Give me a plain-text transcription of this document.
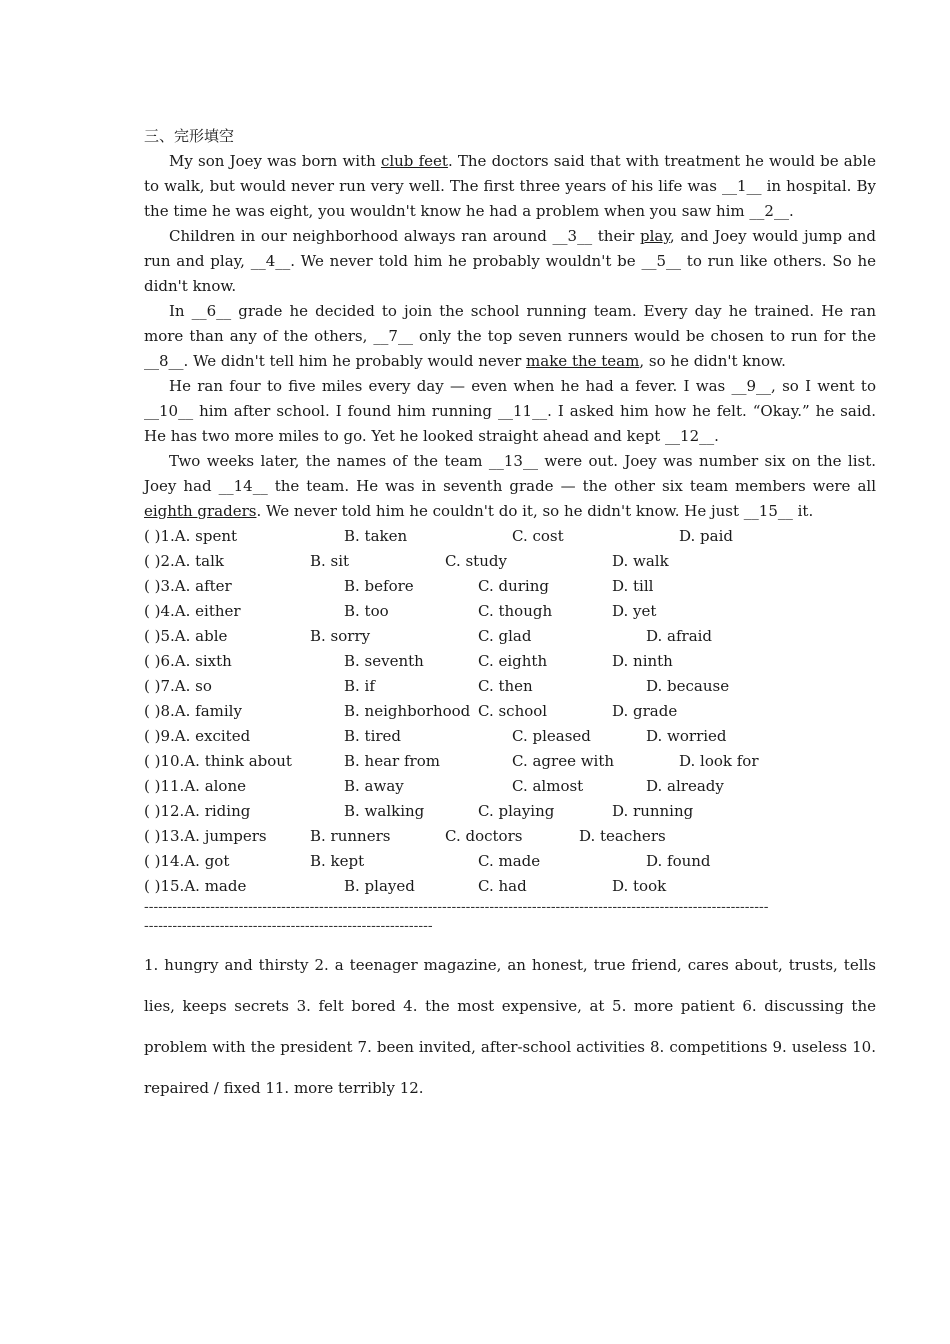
三、完形填空

My son Joey was born with club feet. The doctors said that with treatment he would be able to walk, but would never run very well. The first three years of his life was __1__ in hospital. By the time he was eight, you wouldn't know he had a problem when you saw him __2__.

Children in our neighborhood always ran around __3__ their play, and Joey would jump and run and play, __4__. We never told him he probably wouldn't be __5__ to run like others. So he didn't know.

In __6__ grade he decided to join the school running team. Every day he trained. He ran more than any of the others, __7__ only the top seven runners would be chosen to run for the __8__. We didn't tell him he probably would never make the team, so he didn't know.

He ran four to five miles every day — even when he had a fever. I was __9__, so I went to __10__ him after school. I found him running __11__. I asked him how he felt. “Okay.” he said. He has two more miles to go. Yet he looked straight ahead and kept __12__.

Two weeks later, the names of the team __13__ were out. Joey was number six on the list. Joey had __14__ the team. He was in seventh grade — the other six team members were all eighth graders. We never told him he couldn't do it, so he didn't know. He just __15__ it.

( )1.A. spent	B. taken	C. cost	D. paid
( )2.A. talk	B. sit	C. study	D. walk
( )3.A. after	B. before	C. during	D. till
( )4.A. either	B. too	C. though	D. yet
( )5.A. able	B. sorry	C. glad	D. afraid
( )6.A. sixth	B. seventh	C. eighth	D. ninth
( )7.A. so	B. if	C. then	D. because
( )8.A. family	B. neighborhood C. school	D. grade
( )9.A. excited	B. tired	C. pleased	D. worried
( )10.A. think about	B. hear from	C. agree with	D. look for
( )11.A. alone	B. away	C. almost	D. already
( )12.A. riding	B. walking	C. playing	D. running
( )13.A. jumpers	B. runners	C. doctors	D. teachers
( )14.A. got	B. kept	C. made	D. found
( )15.A. made	B. played	C. had	D. took
------------------------------------------------------------------------------------------------------------------------------------
-------------------------------------------------------------
1. hungry and thirsty 2. a teenager magazine, an honest, true friend, cares about, trusts, tells lies, keeps secrets 3. felt bored 4. the most expensive, at 5. more patient 6. discussing the problem with the president 7. been invited, after-school activities 8. competitions 9. useless 10. repaired / fixed 11. more terribly 12.
